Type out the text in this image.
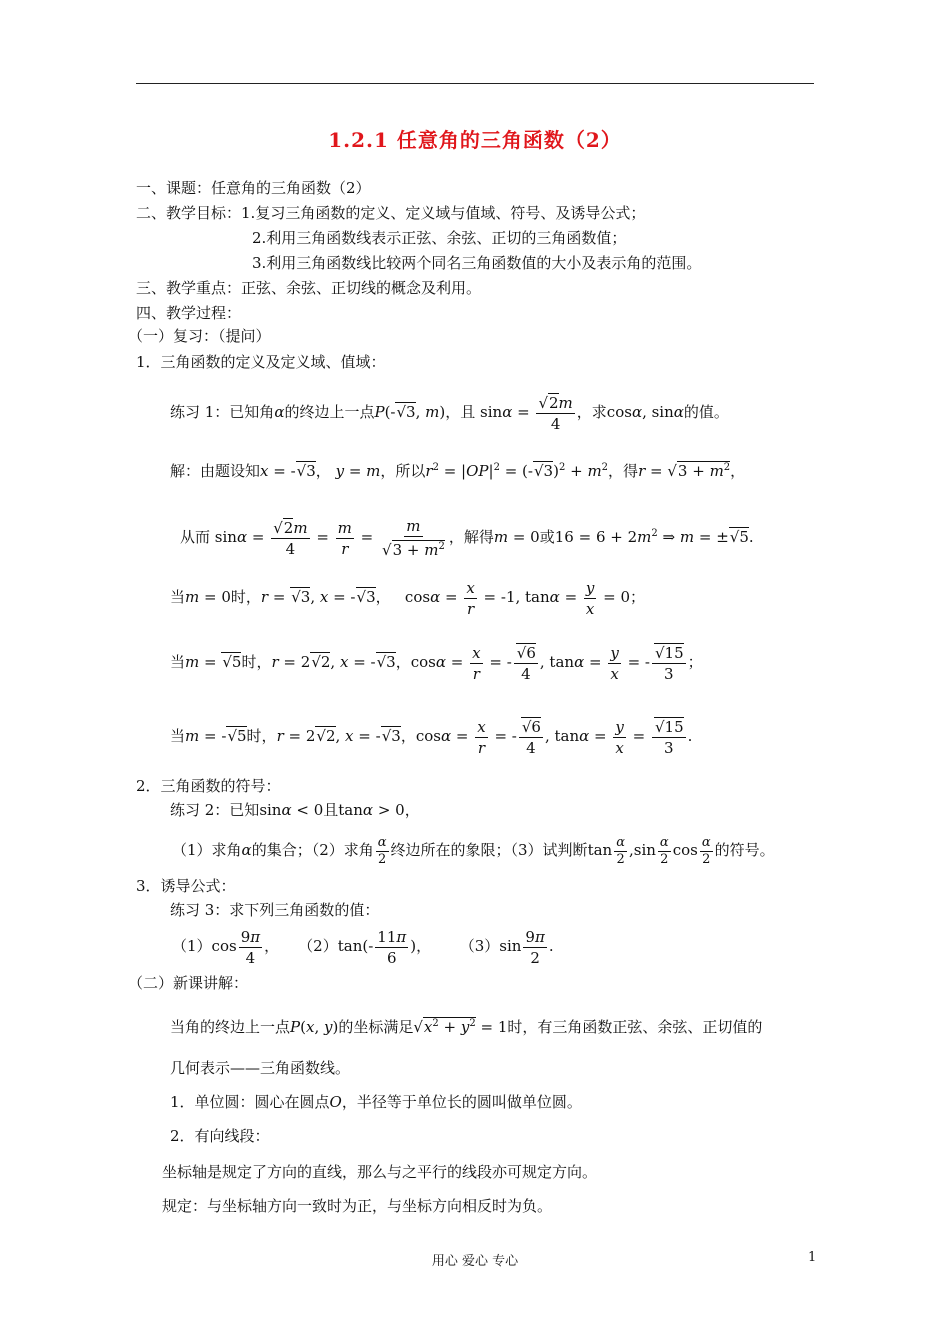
1.2.1 任意角的三角函数（2）
一、课题：任意角的三角函数（2）
二、教学目标：1.复习三角函数的定义、定义域与值域、符号、及诱导公式；
2.利用三角函数线表示正弦、余弦、正切的三角函数值；
3.利用三角函数线比较两个同名三角函数值的大小及表示角的范围。
三、教学重点：正弦、余弦、正切线的概念及利用。
四、教学过程：
（一）复习：（提问）
1．三角函数的定义及定义域、值域：
练习 1：已知角α的终边上一点P(-√3, m)，且 $\sin\alpha = \frac{√2m}{4}$ ，求cosα, sinα的值。
解：由题设知x = -√3， y = m，所以$r^2 = |OP|^2 = (-√3)^2 + m^2$，得$r = √3 + m^2$，
从而 $\sin\alpha = \frac{√2m}{4} = \frac{m}{r} = \frac{m}{√3 + m^2}$ ，解得m = 0或$16 = 6 + 2m^2$ ⇒ m = ±√5.
当m = 0时，r = √3, x = -√3，   $\cos\alpha = \frac{x}{r} = -1$, $\tan\alpha = \frac{y}{x} = 0$；
当m = √5时，r = 2√2, x = -√3，$\cos\alpha = \frac{x}{r}$ = - $\frac{√6}{4}$ , $\tan\alpha = \frac{y}{x}$ = - $\frac{√15}{3}$ ；
当m = -√5时，r = 2√2, x = -√3，$\cos\alpha = \frac{x}{r}$ = - $\frac{√6}{4}$ , $\tan\alpha = \frac{y}{x} = \frac{√15}{3}$ .
2．三角函数的符号：
练习 2：已知sinα < 0且tanα > 0，
（1）求角α的集合；（2）求角 $\frac{\alpha}{2}$ 终边所在的象限；（3）试判断$\tan \frac{\alpha}{2} ,\sin \frac{\alpha}{2}$ $\cos \frac{\alpha}{2}$ 的符号。
3．诱导公式：
练习 3：求下列三角函数的值：
$(1)\cos \frac{9\pi}{4}$ ，    $(2)\tan(- \frac{11\pi}{6}$ )，      $(3)\sin \frac{9\pi}{2}$ .
（二）新课讲解：
当角的终边上一点P(x, y)的坐标满足$√x^2 + y^2 = 1$时，有三角函数正弦、余弦、正切值的
几何表示——三角函数线。
1．单位圆：圆心在圆点O，半径等于单位长的圆叫做单位圆。
2．有向线段：
坐标轴是规定了方向的直线，那么与之平行的线段亦可规定方向。
规定：与坐标轴方向一致时为正，与坐标方向相反时为负。
用心 爱心 专心	1
